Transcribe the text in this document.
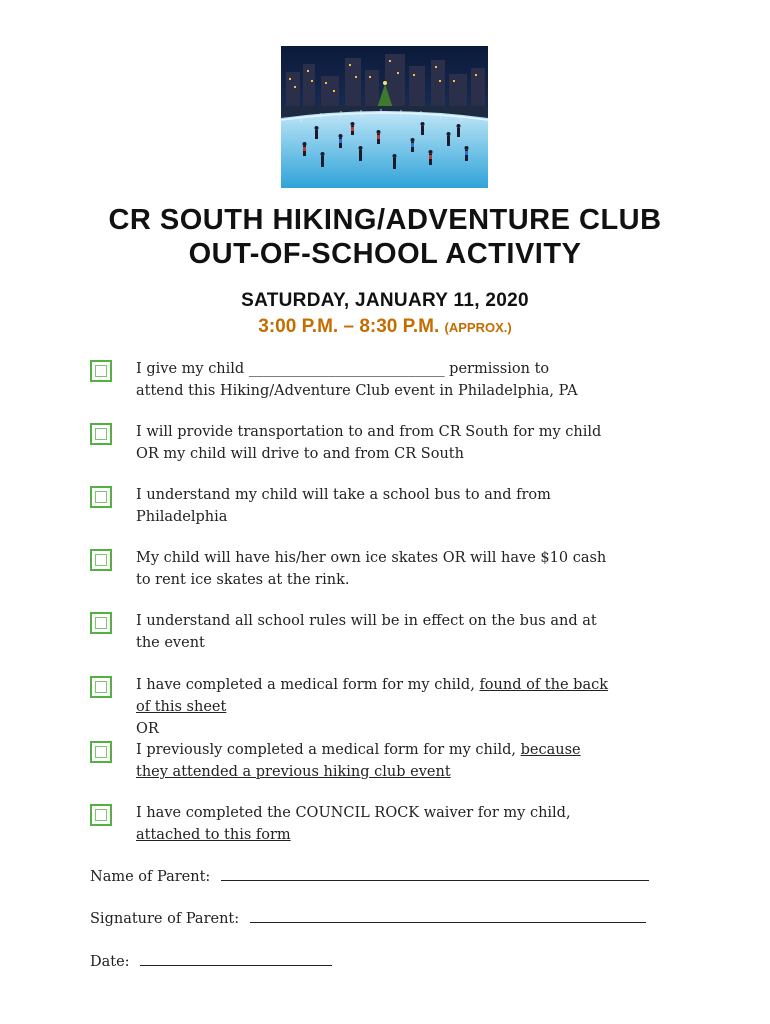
CR SOUTH HIKING/ADVENTURE CLUB
OUT-OF-SCHOOL ACTIVITY
SATURDAY, JANUARY 11, 2020
3:00 P.M. – 8:30 P.M. (APPROX.)
I give my child ___________________________ permission to
attend this Hiking/Adventure Club event in Philadelphia, PA
I will provide transportation to and from CR South for my child
OR my child will drive to and from CR South
I understand my child will take a school bus to and from
Philadelphia
My child will have his/her own ice skates OR will have $10 cash
to rent ice skates at the rink.
I understand all school rules will be in effect on the bus and at
the event
I have completed a medical form for my child, found of the back
of this sheet
OR
I previously completed a medical form for my child, because
they attended a previous hiking club event
I have completed the COUNCIL ROCK waiver for my child,
attached to this form
Name of Parent:
Signature of Parent:
Date:
